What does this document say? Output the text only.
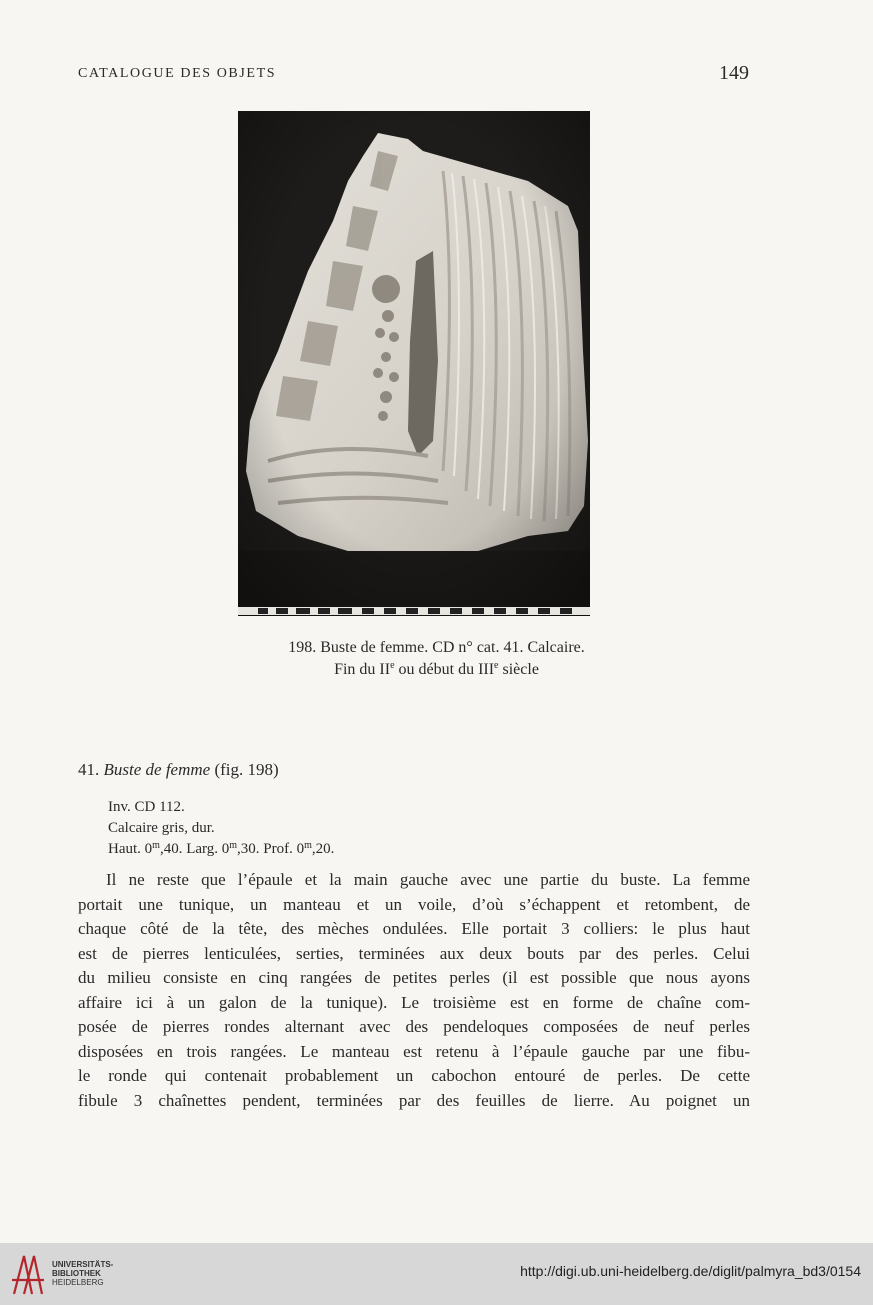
CATALOGUE DES OBJETS	149
198. Buste de femme. CD n° cat. 41. Calcaire.
Fin du IIe ou début du IIIe siècle
41. Buste de femme (fig. 198)
Inv. CD 112.
Calcaire gris, dur.
Haut. 0$^m$,40. Larg. 0$^m$,30. Prof. 0$^m$,20.
Il ne reste que l’épaule et la main gauche avec une partie du buste. La femme
portait une tunique, un manteau et un voile, d’où s’échappent et retombent, de
chaque côté de la tête, des mèches ondulées. Elle portait 3 colliers: le plus haut
est de pierres lenticulées, serties, terminées aux deux bouts par des perles. Celui
du milieu consiste en cinq rangées de petites perles (il est possible que nous ayons
affaire ici à un galon de la tunique). Le troisième est en forme de chaîne com-
posée de pierres rondes alternant avec des pendeloques composées de neuf perles
disposées en trois rangées. Le manteau est retenu à l’épaule gauche par une fibu-
le ronde qui contenait probablement un cabochon entouré de perles. De cette
fibule 3 chaînettes pendent, terminées par des feuilles de lierre. Au poignet un
UNIVERSITÄTS-
BIBLIOTHEK
HEIDELBERG
http://digi.ub.uni-heidelberg.de/diglit/palmyra_bd3/0154
